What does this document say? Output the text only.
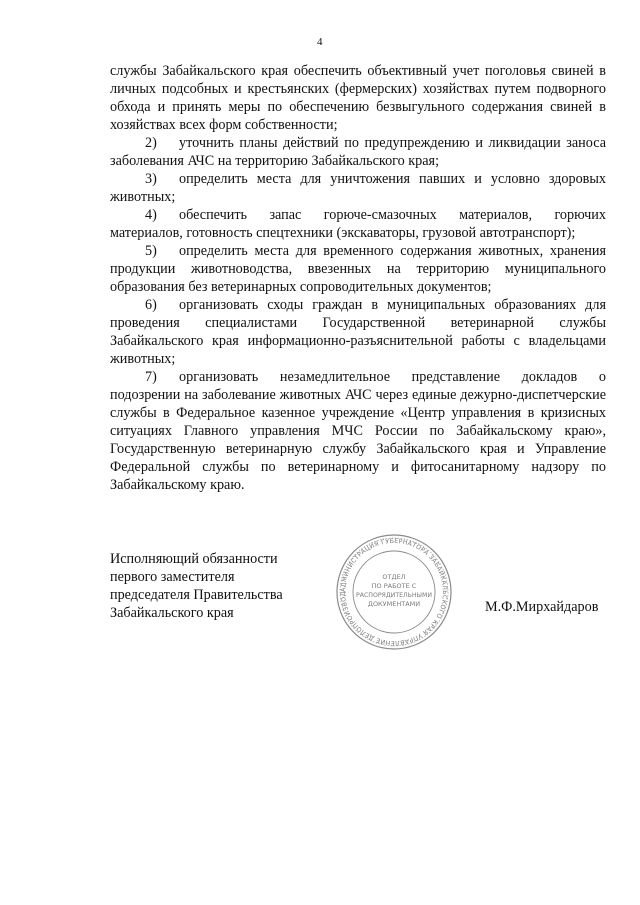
4

службы Забайкальского края обеспечить объективный учет поголовья свиней в личных подсобных и крестьянских (фермерских) хозяйствах путем подворного обхода и принять меры по обеспечению безвыгульного содержания свиней в хозяйствах всех форм собственности;

2) уточнить планы действий по предупреждению и ликвидации заноса заболевания АЧС на территорию Забайкальского края;

3) определить места для уничтожения павших и условно здоровых животных;

4) обеспечить запас горюче-смазочных материалов, горючих материалов, готовность спецтехники (экскаваторы, грузовой автотранспорт);

5) определить места для временного содержания животных, хранения продукции животноводства, ввезенных на территорию муниципального образования без ветеринарных сопроводительных документов;

6) организовать сходы граждан в муниципальных образованиях для проведения специалистами Государственной ветеринарной службы Забайкальского края информационно-разъяснительной работы с владельцами животных;

7) организовать незамедлительное представление докладов о подозрении на заболевание животных АЧС через единые дежурно-диспетчерские службы в Федеральное казенное учреждение «Центр управления в кризисных ситуациях Главного управления МЧС России по Забайкальскому краю», Государственную ветеринарную службу Забайкальского края и Управление Федеральной службы по ветеринарному и фитосанитарному надзору по Забайкальскому краю.

Исполняющий обязанности
первого заместителя
председателя Правительства
Забайкальского края	М.Ф.Мирхайдаров
АДМИНИСТРАЦИЯ ГУБЕРНАТОРА ЗАБАЙКАЛЬСКОГО КРАЯ УПРАВЛЕНИЕ ДЕЛОПРОИЗВОД
ОТДЕЛ
ПО РАБОТЕ С
РАСПОРЯДИТЕЛЬНЫМИ
ДОКУМЕНТАМИ
